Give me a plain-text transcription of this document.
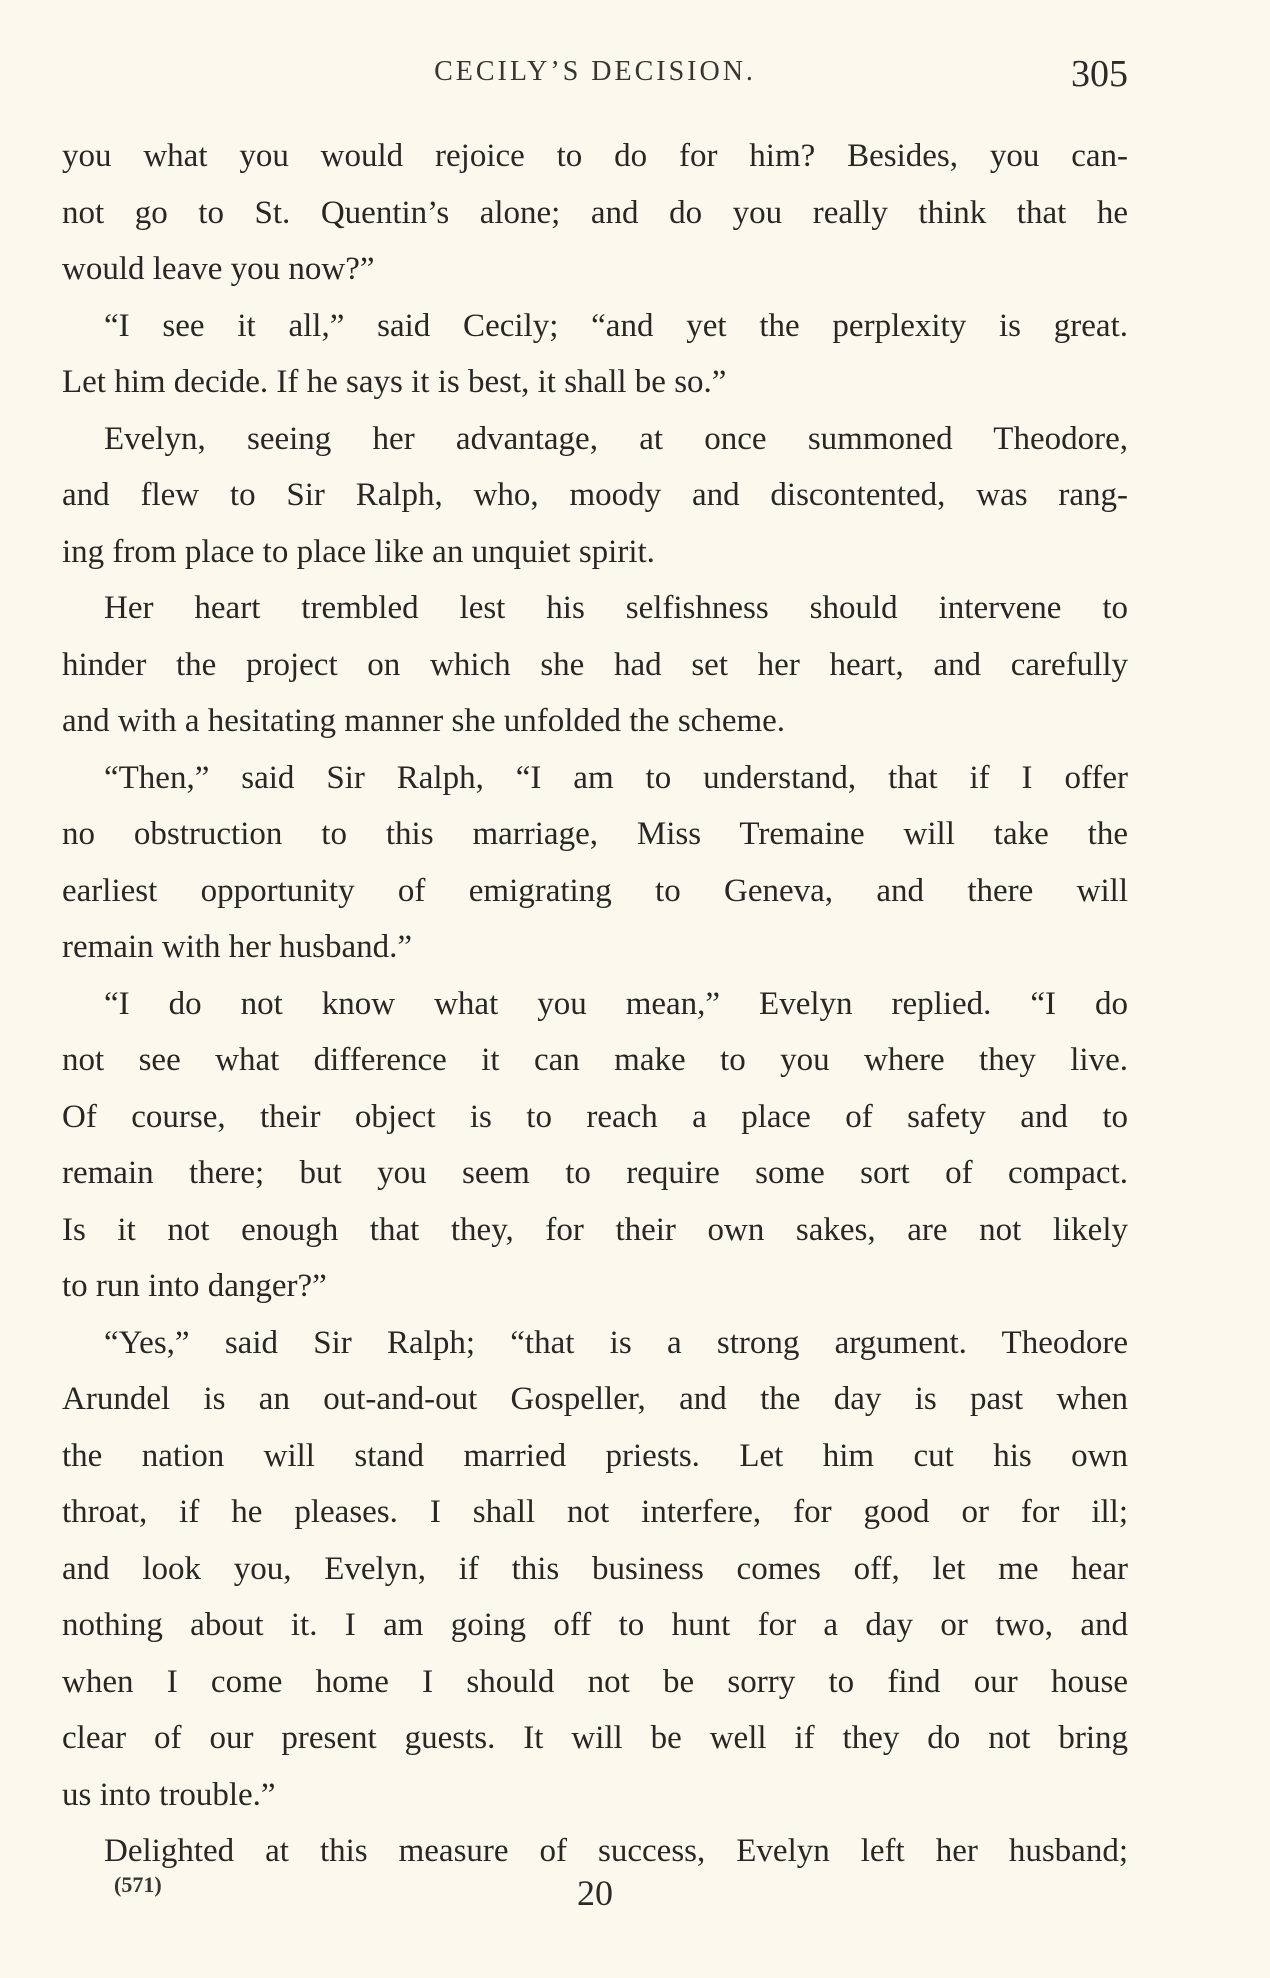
CECILY’S DECISION.	305
you what you would rejoice to do for him? Besides, you can-
not go to St. Quentin’s alone; and do you really think that he
would leave you now?”
“I see it all,” said Cecily; “and yet the perplexity is great.
Let him decide. If he says it is best, it shall be so.”
Evelyn, seeing her advantage, at once summoned Theodore,
and flew to Sir Ralph, who, moody and discontented, was rang-
ing from place to place like an unquiet spirit.
Her heart trembled lest his selfishness should intervene to
hinder the project on which she had set her heart, and carefully
and with a hesitating manner she unfolded the scheme.
“Then,” said Sir Ralph, “I am to understand, that if I offer
no obstruction to this marriage, Miss Tremaine will take the
earliest opportunity of emigrating to Geneva, and there will
remain with her husband.”
“I do not know what you mean,” Evelyn replied. “I do
not see what difference it can make to you where they live.
Of course, their object is to reach a place of safety and to
remain there; but you seem to require some sort of compact.
Is it not enough that they, for their own sakes, are not likely
to run into danger?”
“Yes,” said Sir Ralph; “that is a strong argument. Theodore
Arundel is an out-and-out Gospeller, and the day is past when
the nation will stand married priests. Let him cut his own
throat, if he pleases. I shall not interfere, for good or for ill;
and look you, Evelyn, if this business comes off, let me hear
nothing about it. I am going off to hunt for a day or two, and
when I come home I should not be sorry to find our house
clear of our present guests. It will be well if they do not bring
us into trouble.”
Delighted at this measure of success, Evelyn left her husband;
(571)	20
